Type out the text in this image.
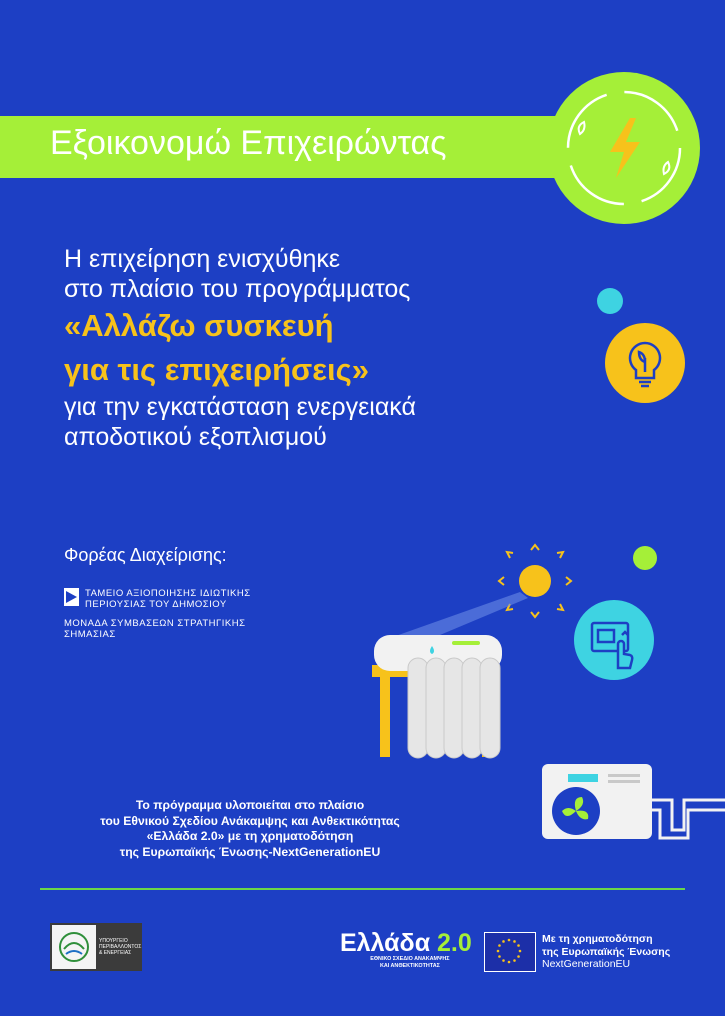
Εξοικονομώ Επιχειρώντας
Η επιχείρηση ενισχύθηκε
στο πλαίσιο του προγράμματος
«Αλλάζω συσκευή
για τις επιχειρήσεις»
για την εγκατάσταση ενεργειακά
αποδοτικού εξοπλισμού
Φορέας Διαχείρισης:
ΤΑΜΕΙΟ ΑΞΙΟΠΟΙΗΣΗΣ ΙΔΙΩΤΙΚΗΣ
ΠΕΡΙΟΥΣΙΑΣ ΤΟΥ ΔΗΜΟΣΙΟΥ
ΜΟΝΑΔΑ ΣΥΜΒΑΣΕΩΝ ΣΤΡΑΤΗΓΙΚΗΣ
ΣΗΜΑΣΙΑΣ
Το πρόγραμμα υλοποιείται στο πλαίσιο
του Εθνικού Σχεδίου Ανάκαμψης και Ανθεκτικότητας
«Ελλάδα 2.0» με τη χρηματοδότηση
της Ευρωπαϊκής Ένωσης-NextGenerationEU
ΥΠΟΥΡΓΕΙΟ
ΠΕΡΙΒΑΛΛΟΝΤΟΣ
& ΕΝΕΡΓΕΙΑΣ	Ελλάδα 2.0
ΕΘΝΙΚΟ ΣΧΕΔΙΟ ΑΝΑΚΑΜΨΗΣ
ΚΑΙ ΑΝΘΕΚΤΙΚΟΤΗΤΑΣ
Με τη χρηματοδότηση
της Ευρωπαϊκής Ένωσης
NextGenerationEU
